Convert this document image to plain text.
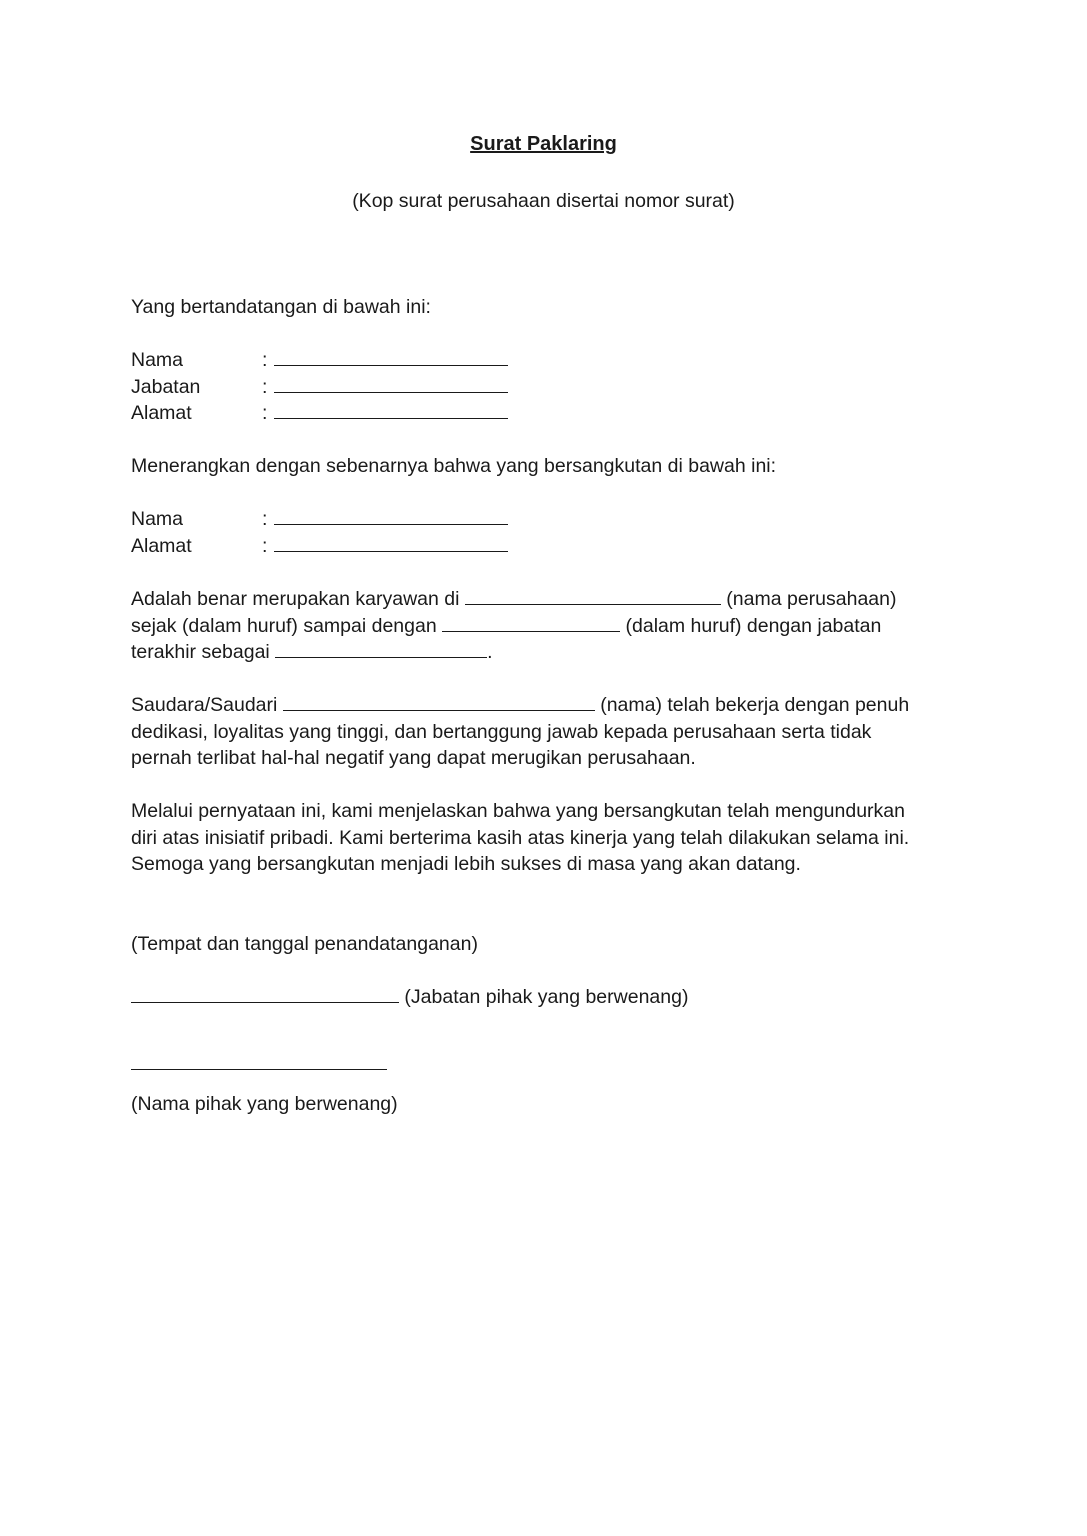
Surat Paklaring
(Kop surat perusahaan disertai nomor surat)
Yang bertandatangan di bawah ini:
Nama	:
Jabatan	:
Alamat	:
Menerangkan dengan sebenarnya bahwa yang bersangkutan di bawah ini:
Nama	:
Alamat	:
Adalah benar merupakan karyawan di	(nama perusahaan)
sejak (dalam huruf) sampai dengan	(dalam huruf) dengan jabatan
terakhir sebagai	.
Saudara/Saudari	(nama) telah bekerja dengan penuh
dedikasi, loyalitas yang tinggi, dan bertanggung jawab kepada perusahaan serta tidak
pernah terlibat hal-hal negatif yang dapat merugikan perusahaan.
Melalui pernyataan ini, kami menjelaskan bahwa yang bersangkutan telah mengundurkan
diri atas inisiatif pribadi. Kami berterima kasih atas kinerja yang telah dilakukan selama ini.
Semoga yang bersangkutan menjadi lebih sukses di masa yang akan datang.
(Tempat dan tanggal penandatanganan)
(Jabatan pihak yang berwenang)
(Nama pihak yang berwenang)
